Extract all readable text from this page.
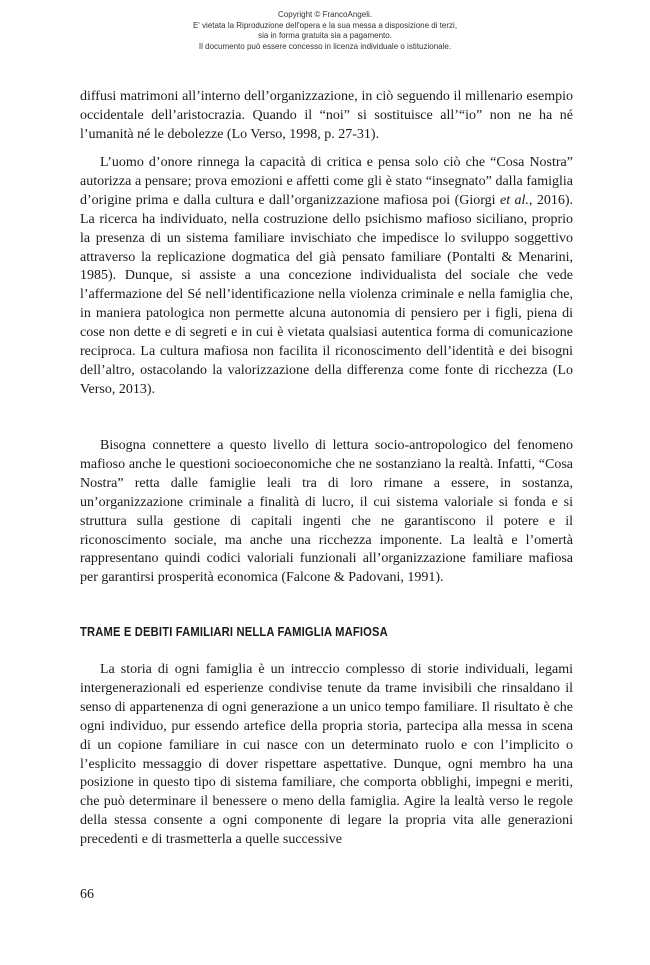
Copyright © FrancoAngeli.
E' vietata la Riproduzione dell'opera e la sua messa a disposizione di terzi,
sia in forma gratuita sia a pagamento.
Il documento può essere concesso in licenza individuale o istituzionale.

diffusi matrimoni all’interno dell’organizzazione, in ciò seguendo il millenario esempio occidentale dell’aristocrazia. Quando il “noi” si sostituisce all’“io” non ne ha né l’umanità né le debolezze (Lo Verso, 1998, p. 27-31).

L’uomo d’onore rinnega la capacità di critica e pensa solo ciò che “Cosa Nostra” autorizza a pensare; prova emozioni e affetti come gli è stato “insegnato” dalla famiglia d’origine prima e dalla cultura e dall’organizzazione mafiosa poi (Giorgi et al., 2016). La ricerca ha individuato, nella costruzione dello psichismo mafioso siciliano, proprio la presenza di un sistema familiare invischiato che impedisce lo sviluppo soggettivo attraverso la replicazione dogmatica del già pensato familiare (Pontalti & Menarini, 1985). Dunque, si assiste a una concezione individualista del sociale che vede l’affermazione del Sé nell’identificazione nella violenza criminale e nella famiglia che, in maniera patologica non permette alcuna autonomia di pensiero per i figli, piena di cose non dette e di segreti e in cui è vietata qualsiasi autentica forma di comunicazione reciproca. La cultura mafiosa non facilita il riconoscimento dell’identità e dei bisogni dell’altro, ostacolando la valorizzazione della differenza come fonte di ricchezza (Lo Verso, 2013).

Bisogna connettere a questo livello di lettura socio-antropologico del fenomeno mafioso anche le questioni socioeconomiche che ne sostanziano la realtà. Infatti, “Cosa Nostra” retta dalle famiglie leali tra di loro rimane a essere, in sostanza, un’organizzazione criminale a finalità di lucro, il cui sistema valoriale si fonda e si struttura sulla gestione di capitali ingenti che ne garantiscono il potere e il riconoscimento sociale, ma anche una ricchezza imponente. La lealtà e l’omertà rappresentano quindi codici valoriali funzionali all’organizzazione familiare mafiosa per garantirsi prosperità economica (Falcone & Padovani, 1991).

TRAME E DEBITI FAMILIARI NELLA FAMIGLIA MAFIOSA

La storia di ogni famiglia è un intreccio complesso di storie individuali, legami intergenerazionali ed esperienze condivise tenute da trame invisibili che rinsaldano il senso di appartenenza di ogni generazione a un unico tempo familiare. Il risultato è che ogni individuo, pur essendo artefice della propria storia, partecipa alla messa in scena di un copione familiare in cui nasce con un determinato ruolo e con l’implicito o l’esplicito messaggio di dover rispettare aspettative. Dunque, ogni membro ha una posizione in questo tipo di sistema familiare, che comporta obblighi, impegni e meriti, che può determinare il benessere o meno della famiglia. Agire la lealtà verso le regole della stessa consente a ogni componente di legare la propria vita alle generazioni precedenti e di trasmetterla a quelle successive

66
